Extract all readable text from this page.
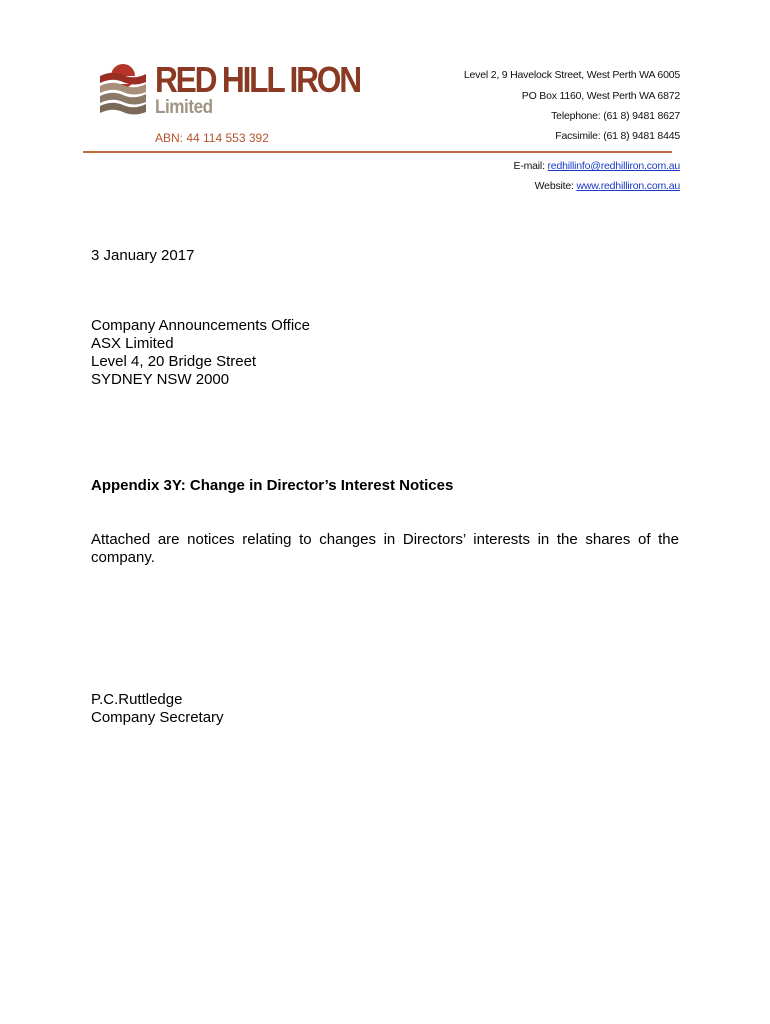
RED HILL IRON
Limited
ABN: 44 114 553 392
Level 2, 9 Havelock Street, West Perth WA 6005
PO Box 1160, West Perth WA 6872
Telephone: (61 8) 9481 8627
Facsimile: (61 8) 9481 8445
E-mail: redhillinfo@redhilliron.com.au
Website: www.redhilliron.com.au
3 January 2017
Company Announcements Office
ASX Limited
Level 4, 20 Bridge Street
SYDNEY NSW 2000
Appendix 3Y: Change in Director’s Interest Notices
Attached are notices relating to changes in Directors’ interests in the shares of the company.
P.C.Ruttledge
Company Secretary
